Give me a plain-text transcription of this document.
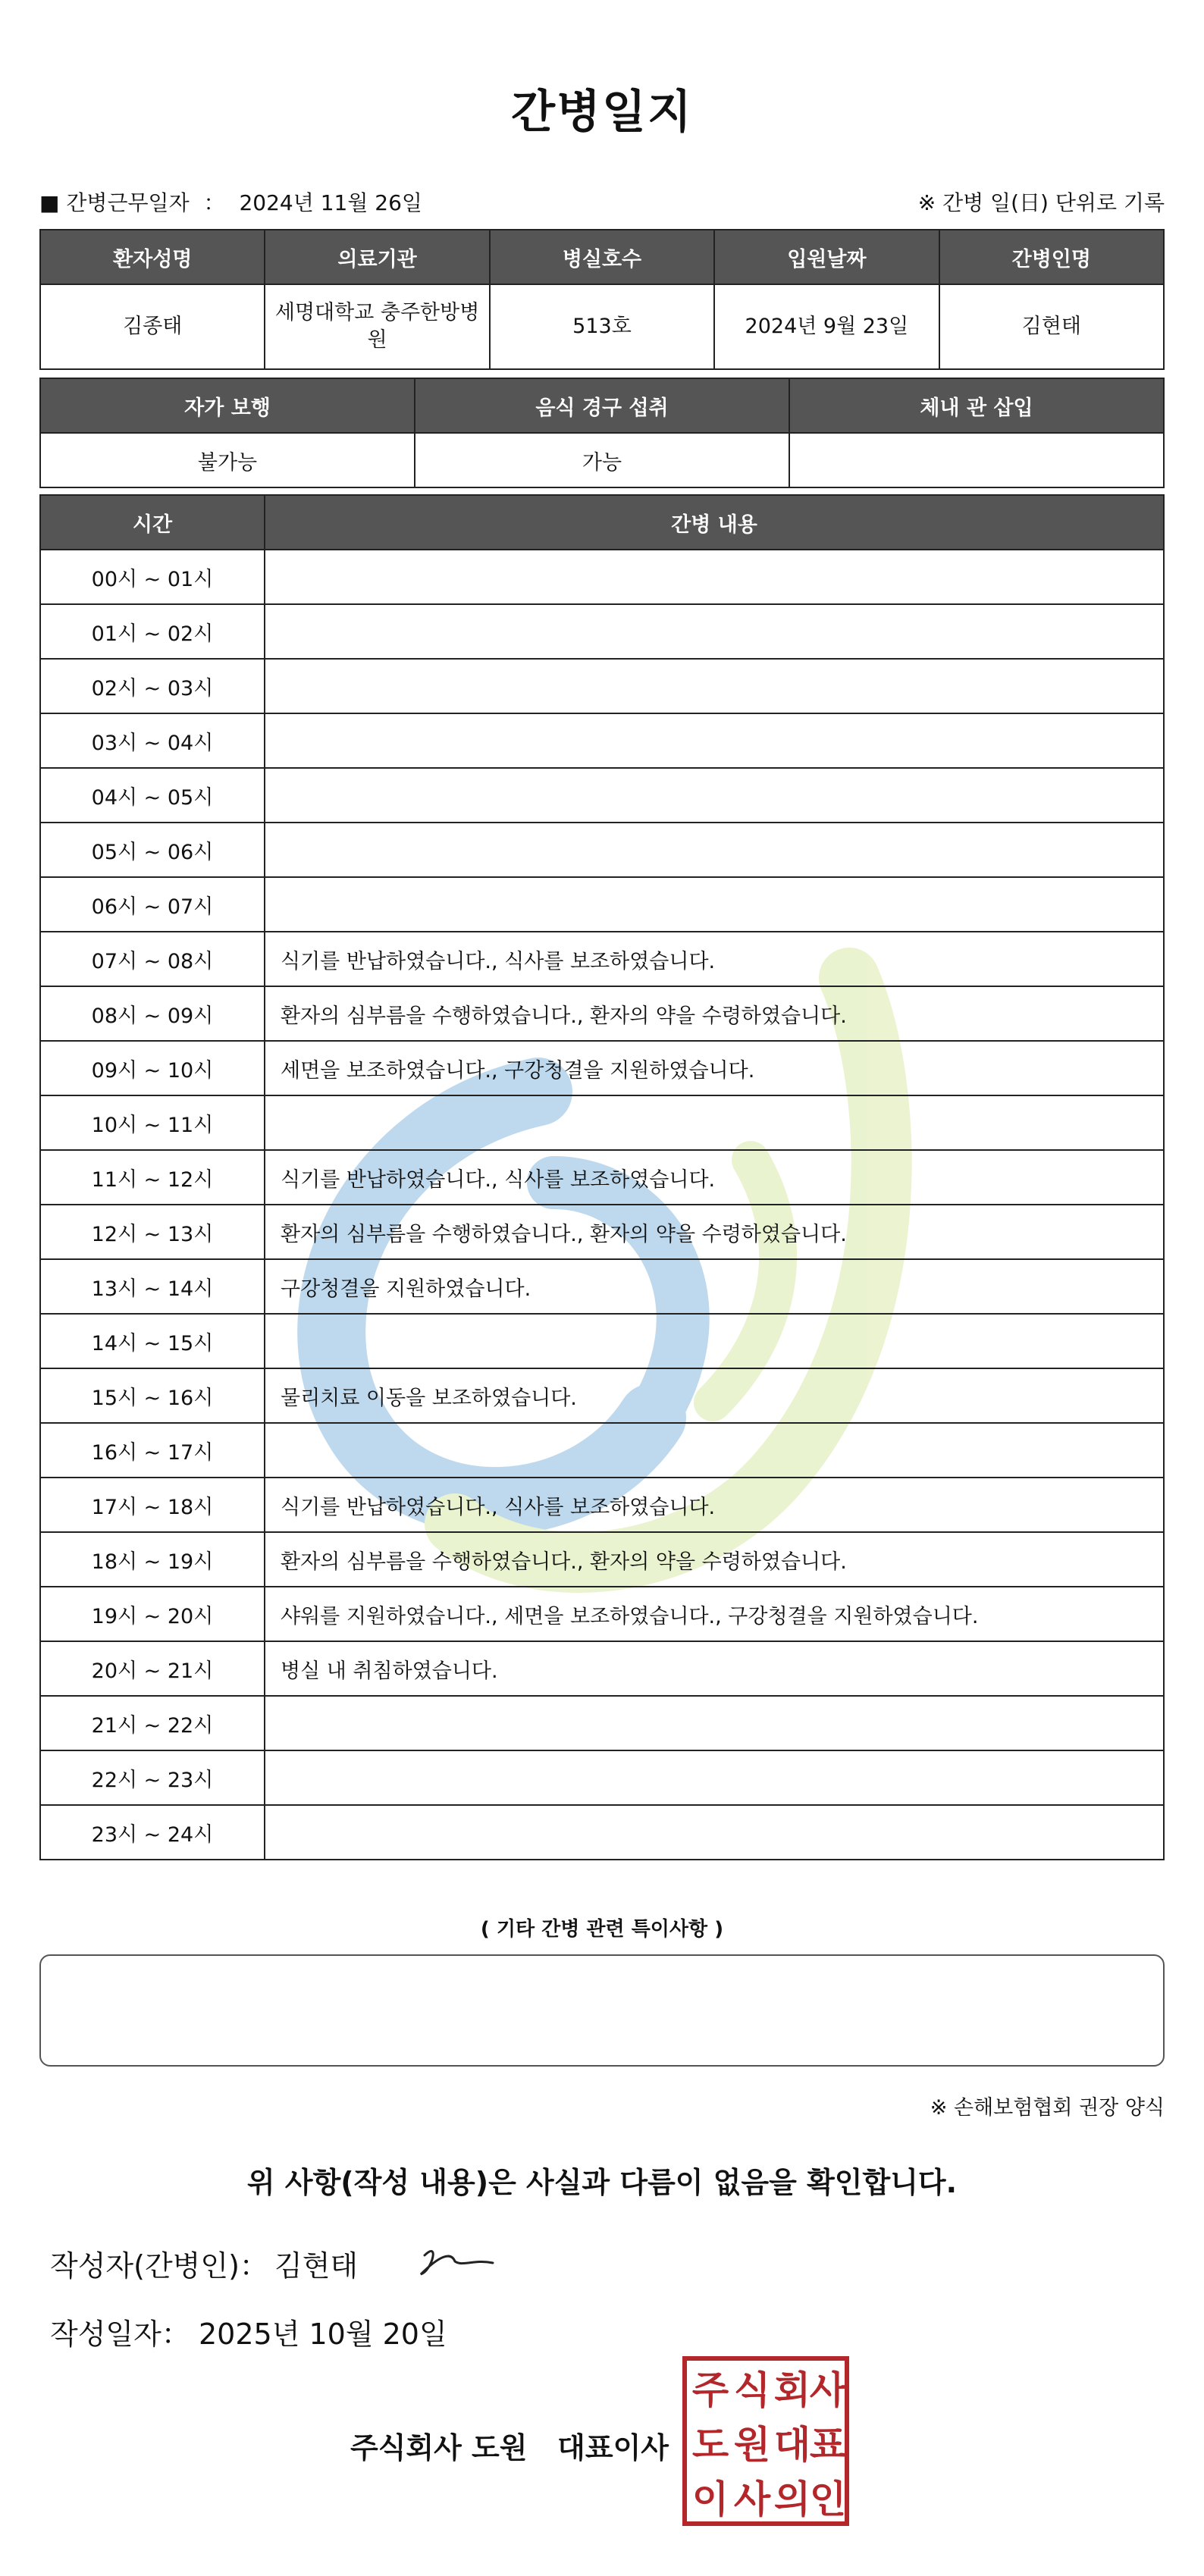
간병일지
■ 간병근무일자 ： 2024년 11월 26일	※ 간병 일(日) 단위로 기록
환자성명	의료기관	병실호수	입원날짜	간병인명
김종태	세명대학교 충주한방병원	513호	2024년 9월 23일	김현태
자가 보행	음식 경구 섭취	체내 관 삽입
불가능	가능	
시간	간병 내용
00시 ~ 01시	
01시 ~ 02시	
02시 ~ 03시	
03시 ~ 04시	
04시 ~ 05시	
05시 ~ 06시	
06시 ~ 07시	
07시 ~ 08시	식기를 반납하였습니다., 식사를 보조하였습니다.
08시 ~ 09시	환자의 심부름을 수행하였습니다., 환자의 약을 수령하였습니다.
09시 ~ 10시	세면을 보조하였습니다., 구강청결을 지원하였습니다.
10시 ~ 11시	
11시 ~ 12시	식기를 반납하였습니다., 식사를 보조하였습니다.
12시 ~ 13시	환자의 심부름을 수행하였습니다., 환자의 약을 수령하였습니다.
13시 ~ 14시	구강청결을 지원하였습니다.
14시 ~ 15시	
15시 ~ 16시	물리치료 이동을 보조하였습니다.
16시 ~ 17시	
17시 ~ 18시	식기를 반납하였습니다., 식사를 보조하였습니다.
18시 ~ 19시	환자의 심부름을 수행하였습니다., 환자의 약을 수령하였습니다.
19시 ~ 20시	샤워를 지원하였습니다., 세면을 보조하였습니다., 구강청결을 지원하였습니다.
20시 ~ 21시	병실 내 취침하였습니다.
21시 ~ 22시	
22시 ~ 23시	
23시 ~ 24시	
( 기타 간병 관련 특이사항 )
※ 손해보험협회 권장 양식
위 사항(작성 내용)은 사실과 다름이 없음을 확인합니다.
작성자(간병인)： 김현태
작성일자： 2025년 10월 20일
주식회사 도원   대표이사
주 식 회
사
도 원 대
표
이 사 의
인
